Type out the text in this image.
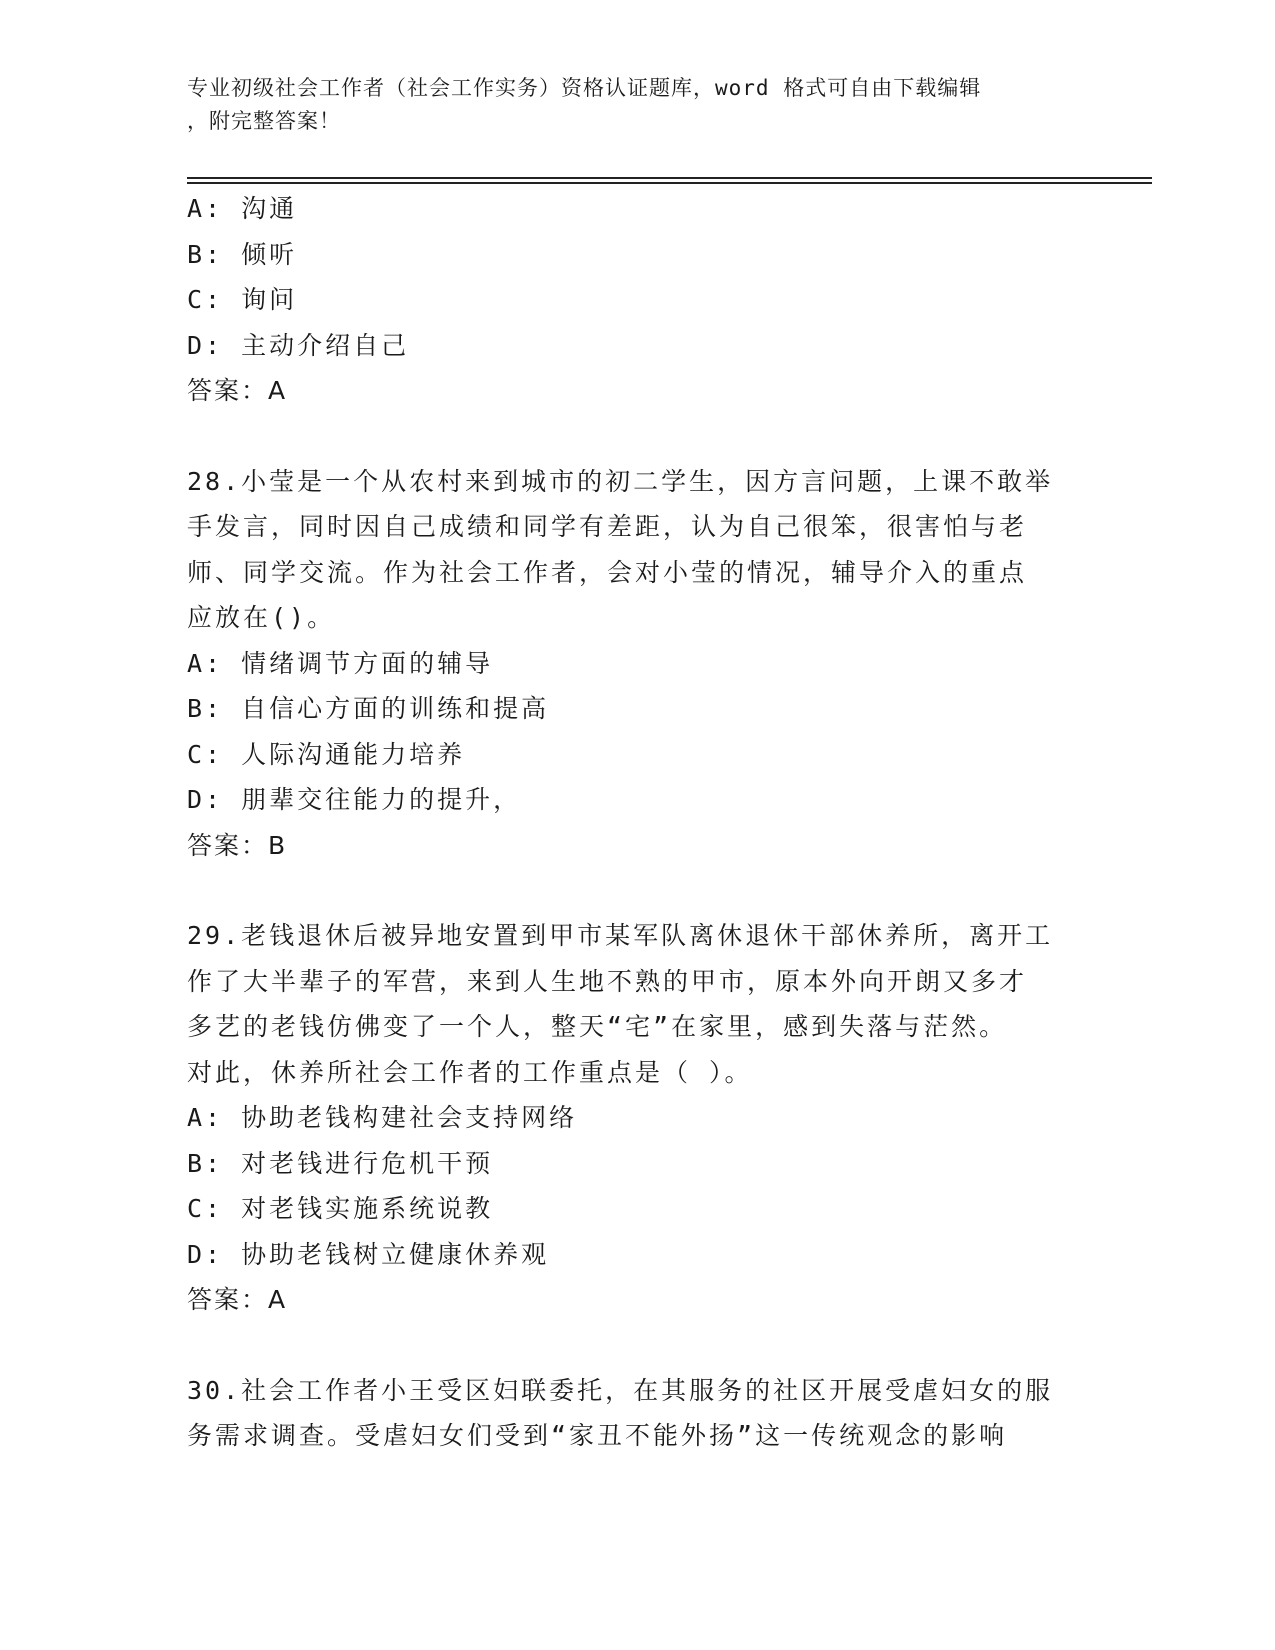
专业初级社会工作者（社会工作实务）资格认证题库，word 格式可自由下载编辑
，附完整答案！
A: 沟通
B: 倾听
C: 询问
D: 主动介绍自己
答案：A
28.小莹是一个从农村来到城市的初二学生，因方言问题，上课不敢举
手发言，同时因自己成绩和同学有差距，认为自己很笨，很害怕与老
师、同学交流。作为社会工作者，会对小莹的情况，辅导介入的重点
应放在()。
A: 情绪调节方面的辅导
B: 自信心方面的训练和提高
C: 人际沟通能力培养
D: 朋辈交往能力的提升，
答案：B
29.老钱退休后被异地安置到甲市某军队离休退休干部休养所，离开工
作了大半辈子的军营，来到人生地不熟的甲市，原本外向开朗又多才
多艺的老钱仿佛变了一个人，整天“宅”在家里，感到失落与茫然。
对此，休养所社会工作者的工作重点是（ ）。
A: 协助老钱构建社会支持网络
B: 对老钱进行危机干预
C: 对老钱实施系统说教
D: 协助老钱树立健康休养观
答案：A
30.社会工作者小王受区妇联委托，在其服务的社区开展受虐妇女的服
务需求调查。受虐妇女们受到“家丑不能外扬”这一传统观念的影响
